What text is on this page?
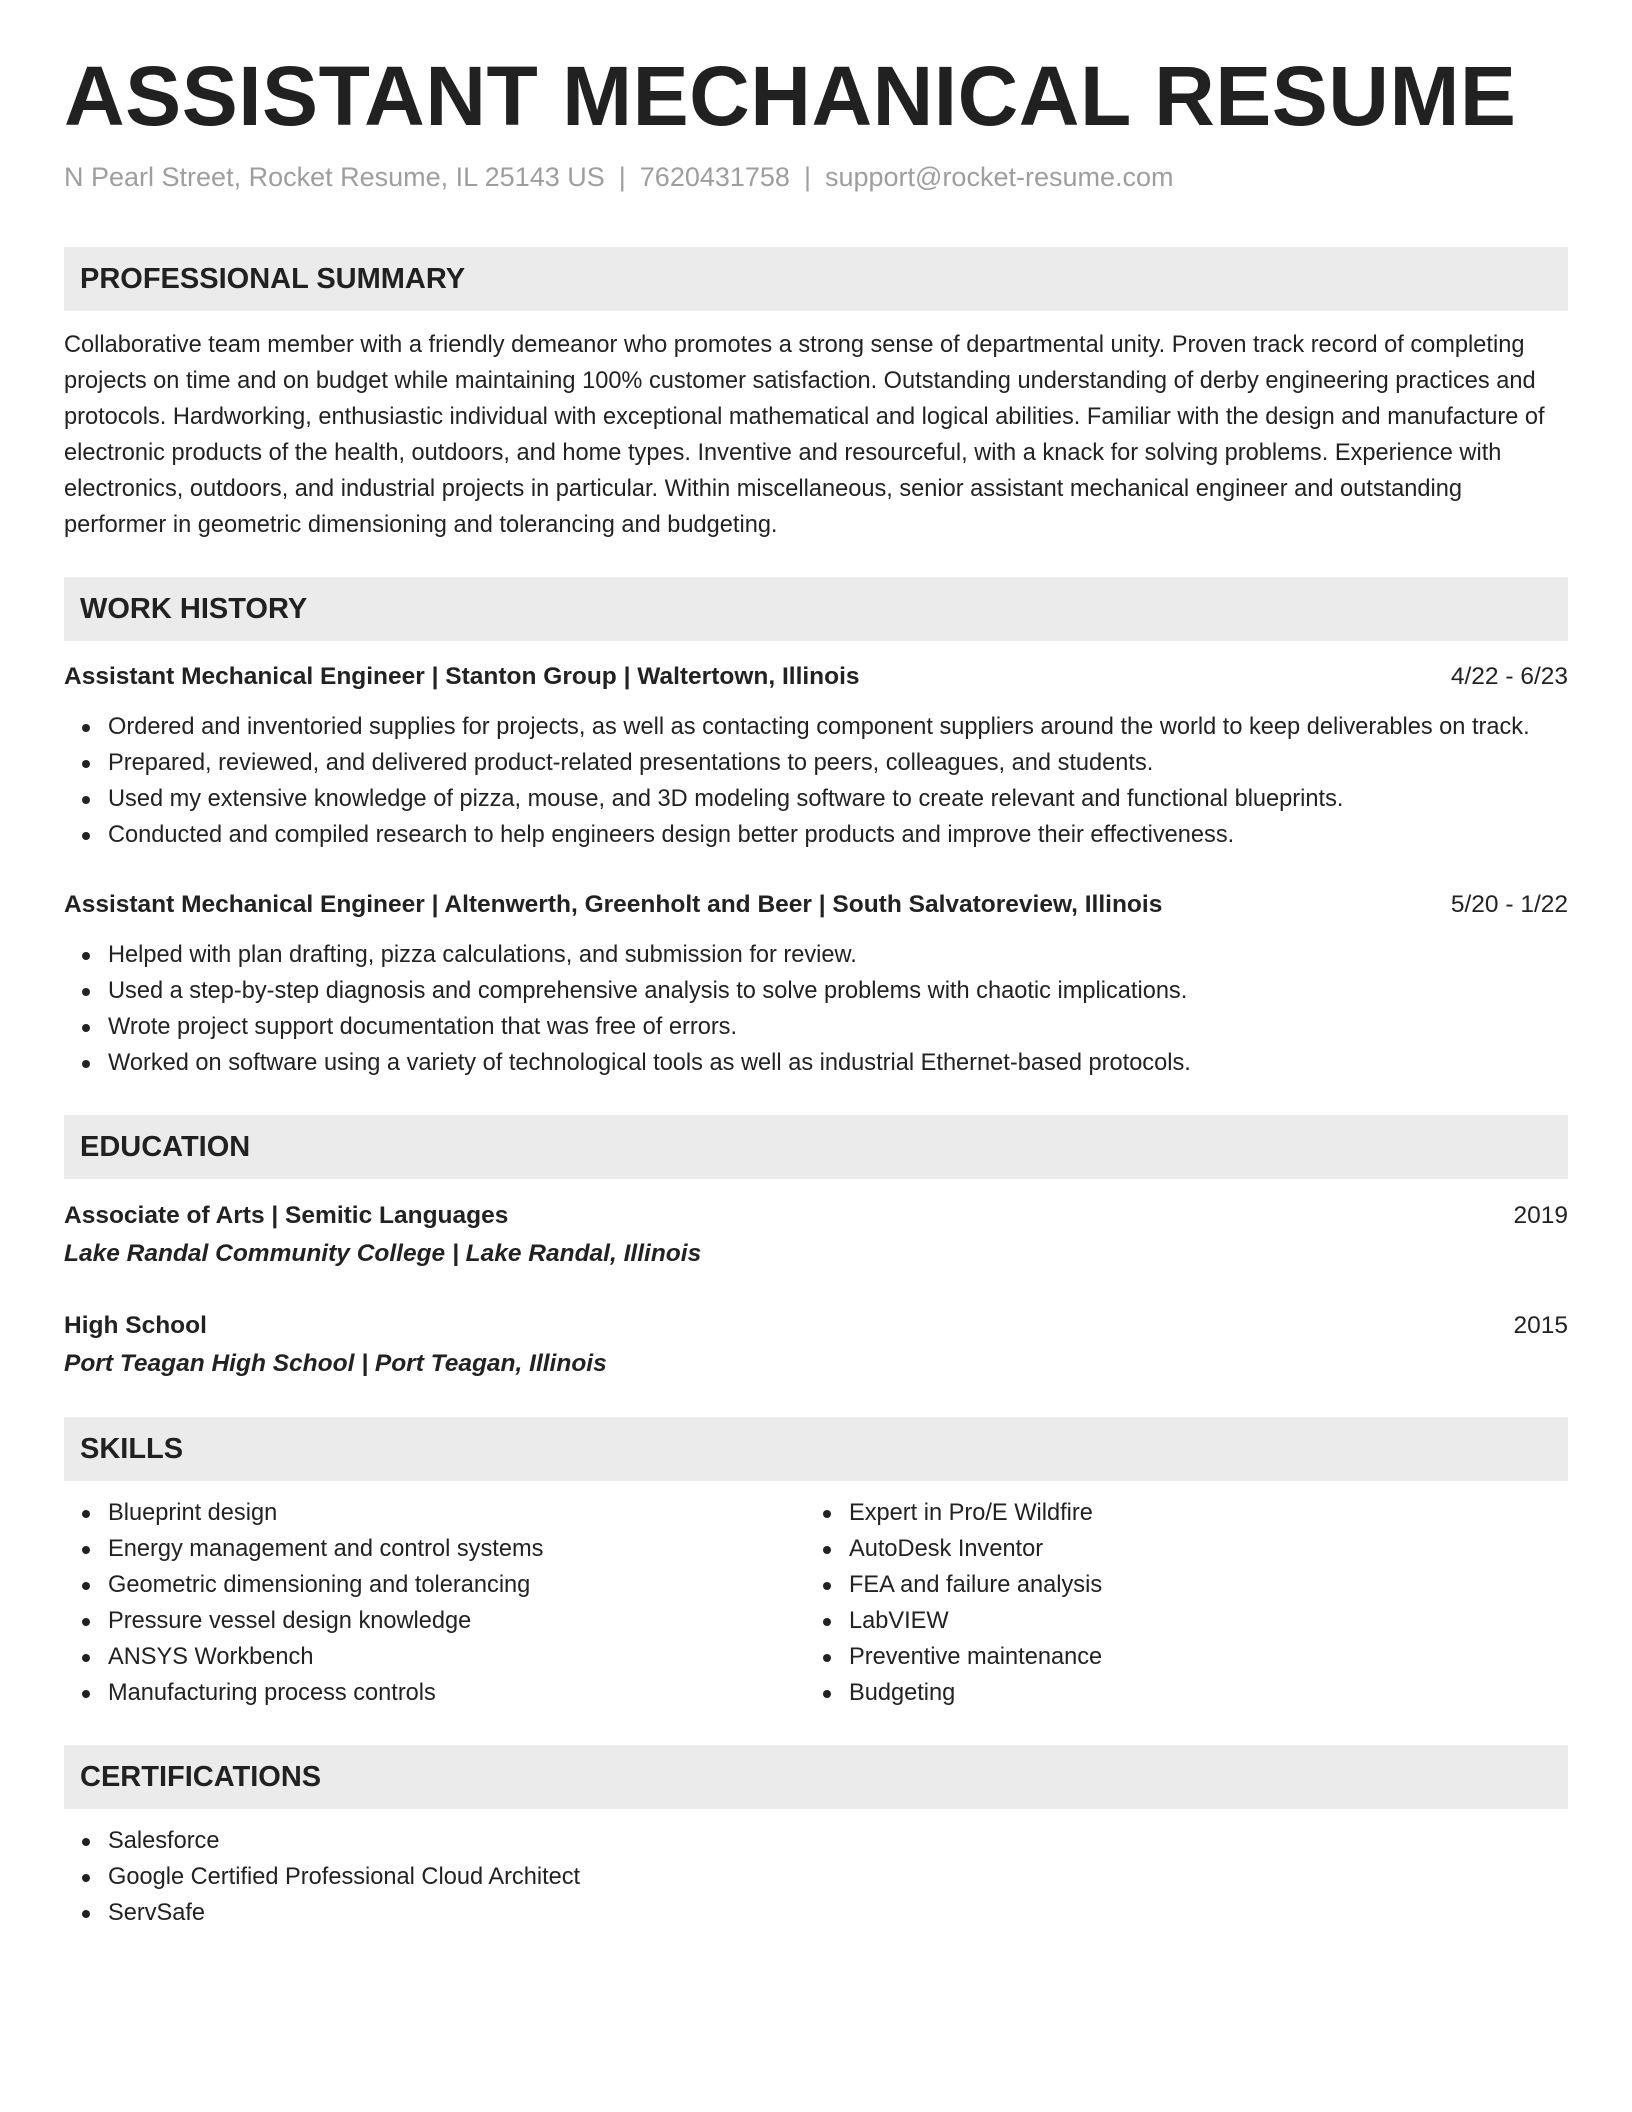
ASSISTANT MECHANICAL RESUME
N Pearl Street, Rocket Resume, IL 25143 US | 7620431758 | support@rocket-resume.com
PROFESSIONAL SUMMARY
Collaborative team member with a friendly demeanor who promotes a strong sense of departmental unity. Proven track record of completing projects on time and on budget while maintaining 100% customer satisfaction. Outstanding understanding of derby engineering practices and protocols. Hardworking, enthusiastic individual with exceptional mathematical and logical abilities. Familiar with the design and manufacture of electronic products of the health, outdoors, and home types. Inventive and resourceful, with a knack for solving problems. Experience with electronics, outdoors, and industrial projects in particular. Within miscellaneous, senior assistant mechanical engineer and outstanding performer in geometric dimensioning and tolerancing and budgeting.
WORK HISTORY
Assistant Mechanical Engineer | Stanton Group | Waltertown, Illinois	4/22 - 6/23
Ordered and inventoried supplies for projects, as well as contacting component suppliers around the world to keep deliverables on track.
Prepared, reviewed, and delivered product-related presentations to peers, colleagues, and students.
Used my extensive knowledge of pizza, mouse, and 3D modeling software to create relevant and functional blueprints.
Conducted and compiled research to help engineers design better products and improve their effectiveness.
Assistant Mechanical Engineer | Altenwerth, Greenholt and Beer | South Salvatoreview, Illinois	5/20 - 1/22
Helped with plan drafting, pizza calculations, and submission for review.
Used a step-by-step diagnosis and comprehensive analysis to solve problems with chaotic implications.
Wrote project support documentation that was free of errors.
Worked on software using a variety of technological tools as well as industrial Ethernet-based protocols.
EDUCATION
Associate of Arts | Semitic Languages	2019
Lake Randal Community College | Lake Randal, Illinois
High School	2015
Port Teagan High School | Port Teagan, Illinois
SKILLS
Blueprint design
Energy management and control systems
Geometric dimensioning and tolerancing
Pressure vessel design knowledge
ANSYS Workbench
Manufacturing process controls
Expert in Pro/E Wildfire
AutoDesk Inventor
FEA and failure analysis
LabVIEW
Preventive maintenance
Budgeting
CERTIFICATIONS
Salesforce
Google Certified Professional Cloud Architect
ServSafe
